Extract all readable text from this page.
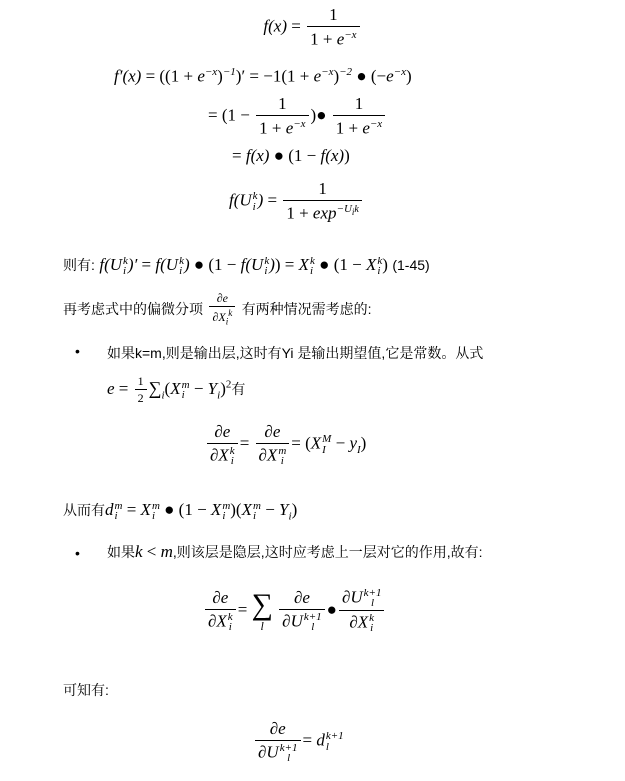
$f(x) = \frac{1}{1 + e^{-x}}$
$f'(x) = ((1 + e^{-x})^{-1})' = -1(1 + e^{-x})^{-2}$ ● $(-e^{-x})$
= ($1 - \frac{1}{1 + e^{-x}}$ )● $\frac{1}{1 + e^{-x}}$
= f(x) ● (1 − f(x))
f(U k
i ) = $\frac{1}{1 + \exp^{-U_ik}}$
则有: f(U k
i )′ = f(U k
i ) ● (1 − f(U k
i )) = X k
i ● (1 − X k
i ) (1-45)
再考虑式中的偏微分项 $\frac{\partial e}{\partial X_i^k}$ 有两种情况需考虑的:
• 如果k=m,则是输出层,这时有Yi 是输出期望值,它是常数。从式
$e = \frac{1}{2} \sum_i(X$ m
$i - Y_i)^2$有
∂e
∂X k
i = ∂e
∂X m
i = (X M
$I - y_I$)
从而有d m
i = X m
i ● (1 − X m
i )(X m
$i - Y_i$)
• 如果k < m,则该层是隐层,这时应考虑上一层对它的作用,故有:
∂e
∂X k
i = ∑
l
∂e
∂U k+1
l ● ∂U k+1
l
∂X k
i
可知有:
∂e
∂U k+1
l = d k+1
l
